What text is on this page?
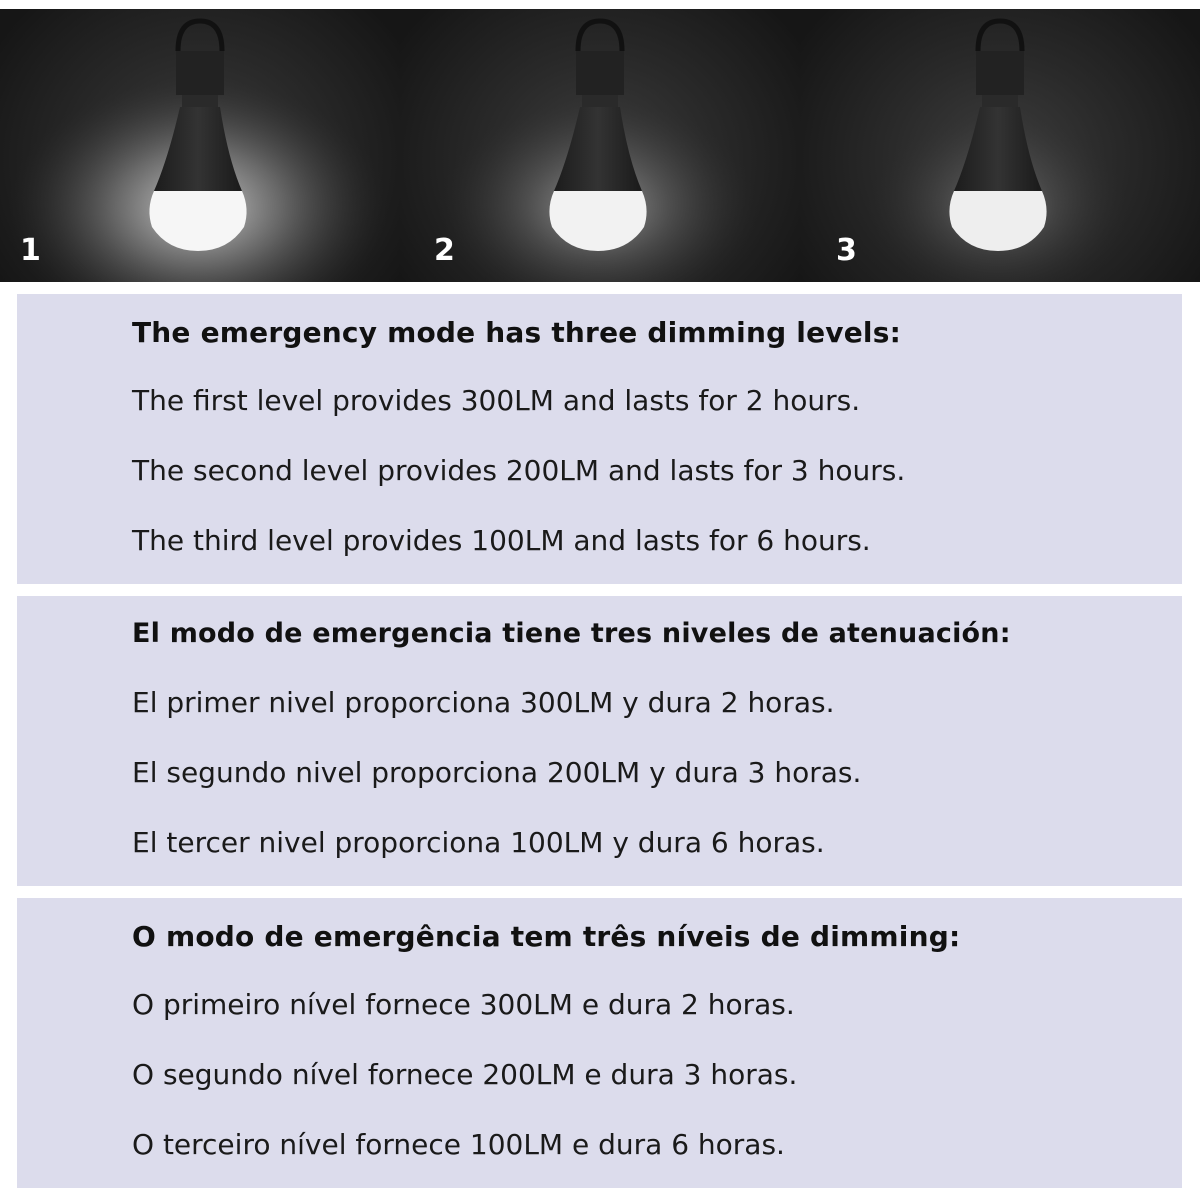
1	2	3
The emergency mode has three dimming levels:
The first level provides 300LM and lasts for 2 hours.
The second level provides 200LM and lasts for 3 hours.
The third level provides 100LM and lasts for 6 hours.
El modo de emergencia tiene tres niveles de atenuación:
El primer nivel proporciona 300LM y dura 2 horas.
El segundo nivel proporciona 200LM y dura 3 horas.
El tercer nivel proporciona 100LM y dura 6 horas.
O modo de emergência tem três níveis de dimming:
O primeiro nível fornece 300LM e dura 2 horas.
O segundo nível fornece 200LM e dura 3 horas.
O terceiro nível fornece 100LM e dura 6 horas.
